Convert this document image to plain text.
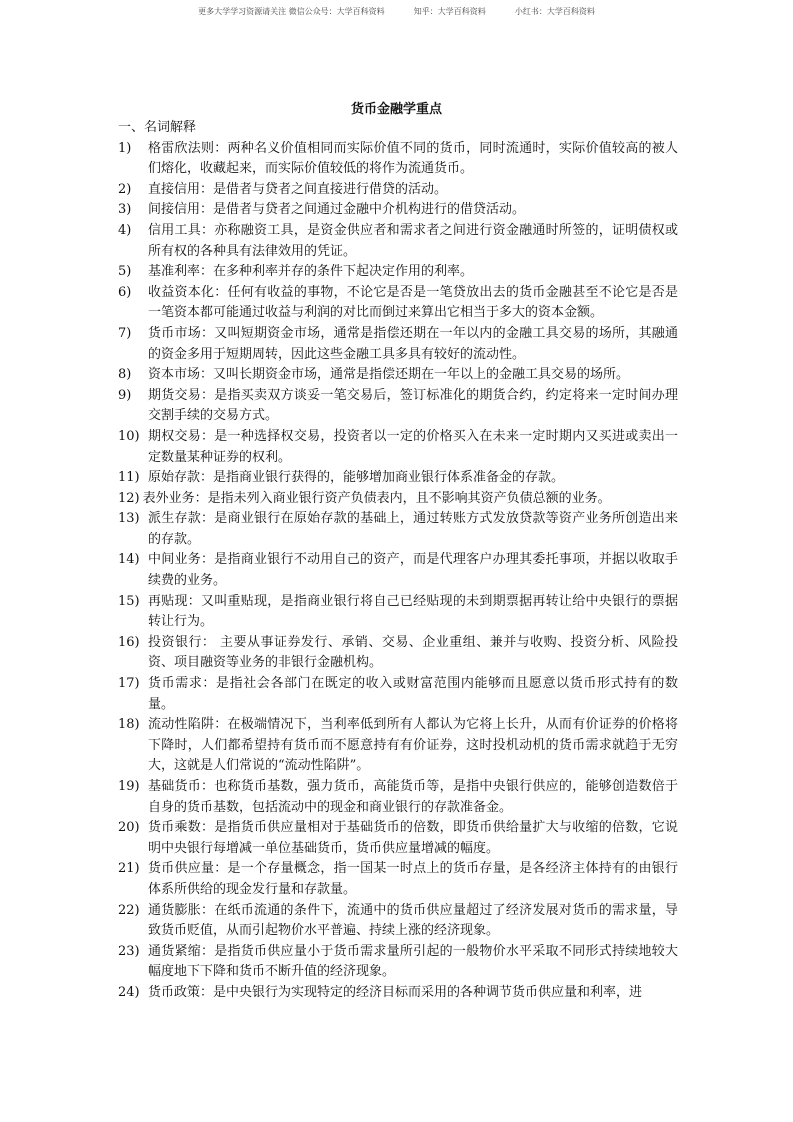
更多大学学习资源请关注 微信公众号：大学百科资料	知乎：大学百科资料	小红书：大学百科资料
货币金融学重点
一、名词解释
1)	格雷欣法则：两种名义价值相同而实际价值不同的货币，同时流通时，实际价值较高的被人们熔化，收藏起来，而实际价值较低的将作为流通货币。
2)	直接信用：是借者与贷者之间直接进行借贷的活动。
3)	间接信用：是借者与贷者之间通过金融中介机构进行的借贷活动。
4)	信用工具：亦称融资工具，是资金供应者和需求者之间进行资金融通时所签的，证明债权或所有权的各种具有法律效用的凭证。
5)	基准利率：在多种利率并存的条件下起决定作用的利率。
6)	收益资本化：任何有收益的事物，不论它是否是一笔贷放出去的货币金融甚至不论它是否是一笔资本都可能通过收益与利润的对比而倒过来算出它相当于多大的资本金额。
7)	货币市场：又叫短期资金市场，通常是指偿还期在一年以内的金融工具交易的场所，其融通的资金多用于短期周转，因此这些金融工具多具有较好的流动性。
8)	资本市场：又叫长期资金市场，通常是指偿还期在一年以上的金融工具交易的场所。
9)	期货交易：是指买卖双方谈妥一笔交易后，签订标准化的期货合约，约定将来一定时间办理交割手续的交易方式。
10) 期权交易：是一种选择权交易，投资者以一定的价格买入在未来一定时期内又买进或卖出一定数量某种证券的权利。
11) 原始存款：是指商业银行获得的，能够增加商业银行体系准备金的存款。
12) 表外业务：是指未列入商业银行资产负债表内，且不影响其资产负债总额的业务。
13) 派生存款：是商业银行在原始存款的基础上，通过转账方式发放贷款等资产业务所创造出来的存款。
14) 中间业务：是指商业银行不动用自己的资产，而是代理客户办理其委托事项，并据以收取手续费的业务。
15) 再贴现：又叫重贴现，是指商业银行将自己已经贴现的未到期票据再转让给中央银行的票据转让行为。
16) 投资银行： 主要从事证券发行、承销、交易、企业重组、兼并与收购、投资分析、风险投资、项目融资等业务的非银行金融机构。
17) 货币需求：是指社会各部门在既定的收入或财富范围内能够而且愿意以货币形式持有的数量。
18) 流动性陷阱：在极端情况下，当利率低到所有人都认为它将上长升，从而有价证券的价格将下降时，人们都希望持有货币而不愿意持有有价证券，这时投机动机的货币需求就趋于无穷大，这就是人们常说的“流动性陷阱”。
19) 基础货币：也称货币基数，强力货币，高能货币等，是指中央银行供应的，能够创造数倍于自身的货币基数，包括流动中的现金和商业银行的存款准备金。
20) 货币乘数：是指货币供应量相对于基础货币的倍数，即货币供给量扩大与收缩的倍数，它说明中央银行每增减一单位基础货币，货币供应量增减的幅度。
21) 货币供应量：是一个存量概念，指一国某一时点上的货币存量，是各经济主体持有的由银行体系所供给的现金发行量和存款量。
22) 通货膨胀：在纸币流通的条件下，流通中的货币供应量超过了经济发展对货币的需求量，导致货币贬值，从而引起物价水平普遍、持续上涨的经济现象。
23) 通货紧缩：是指货币供应量小于货币需求量所引起的一般物价水平采取不同形式持续地较大幅度地下下降和货币不断升值的经济现象。
24) 货币政策：是中央银行为实现特定的经济目标而采用的各种调节货币供应量和利率，进
